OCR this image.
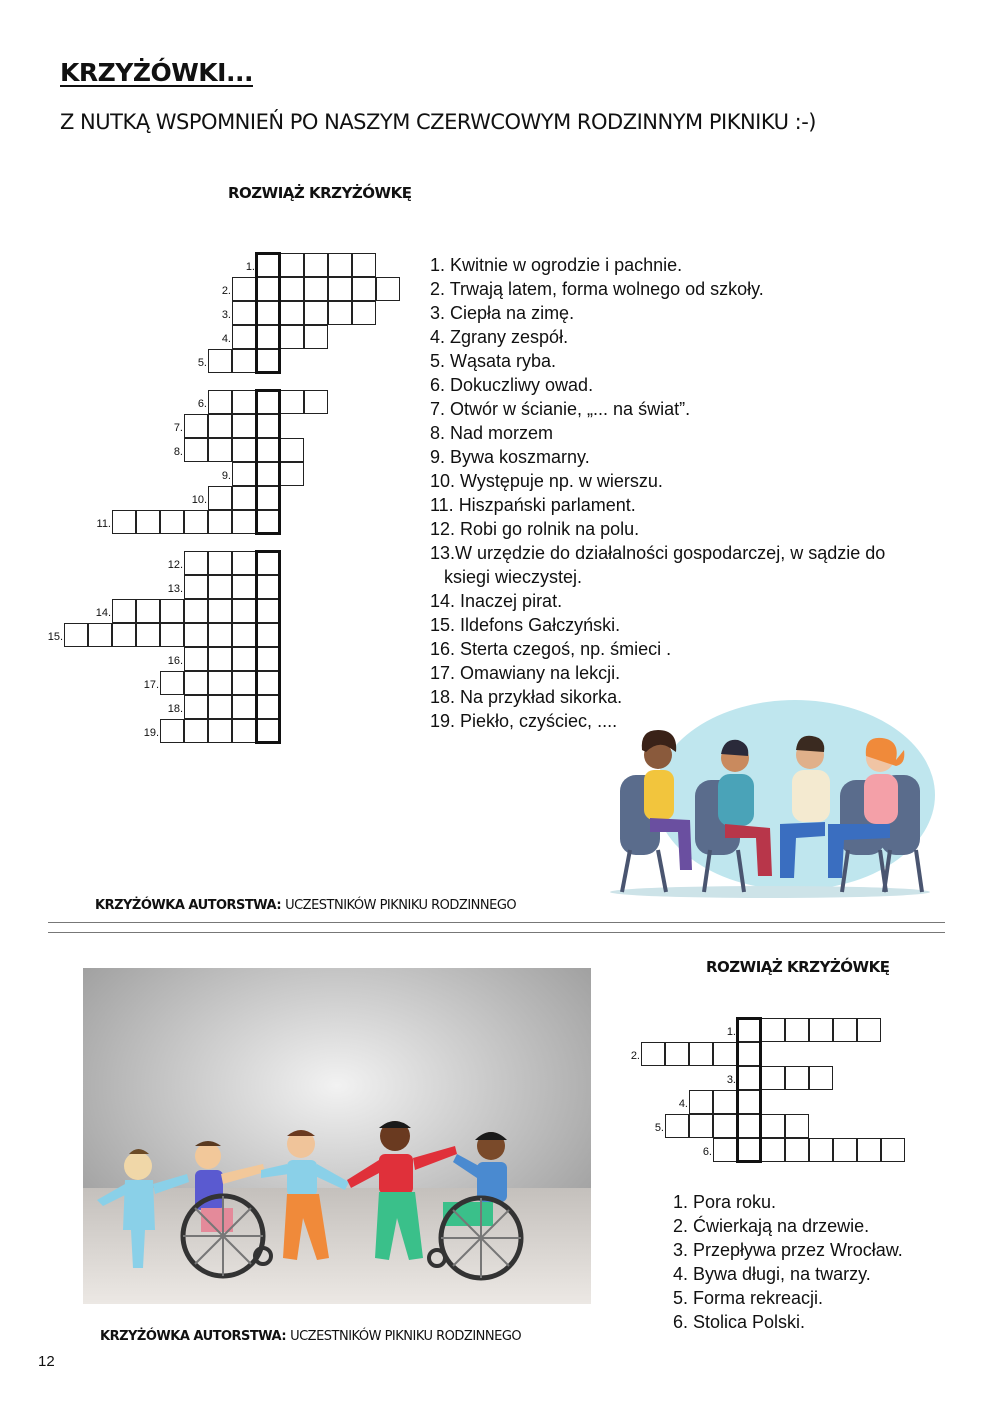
KRZYŻÓWKI...
Z NUTKĄ WSPOMNIEŃ PO NASZYM CZERWCOWYM RODZINNYM PIKNIKU :-)
ROZWIĄŻ KRZYŻÓWKĘ
1.
2.
3.
4.
5.
6.
7.
8.
9.
10.
11.
12.
13.
14.
15.
16.
17.
18.
19.
1. Kwitnie w ogrodzie i pachnie.
2. Trwają latem, forma wolnego od szkoły.
3. Ciepła na zimę.
4. Zgrany zespół.
5. Wąsata ryba.
6. Dokuczliwy owad.
7. Otwór w ścianie, „... na świat”.
8. Nad morzem
9. Bywa koszmarny.
10. Występuje np. w wierszu.
11. Hiszpański parlament.
12. Robi go rolnik na polu.
13.W urzędzie do działalności gospodarczej, w sądzie do
ksiegi wieczystej.
14. Inaczej pirat.
15. Ildefons Gałczyński.
16. Sterta czegoś, np. śmieci .
17. Omawiany na lekcji.
18. Na przykład sikorka.
19. Piekło, czyściec, ....
KRZYŻÓWKA AUTORSTWA: UCZESTNIKÓW PIKNIKU RODZINNEGO
KRZYŻÓWKA AUTORSTWA: UCZESTNIKÓW PIKNIKU RODZINNEGO
ROZWIĄŻ KRZYŻÓWKĘ
1.
2.
3.
4.
5.
6.
1. Pora roku.
2. Ćwierkają na drzewie.
3. Przepływa przez Wrocław.
4. Bywa długi, na twarzy.
5. Forma rekreacji.
6. Stolica Polski.
12
